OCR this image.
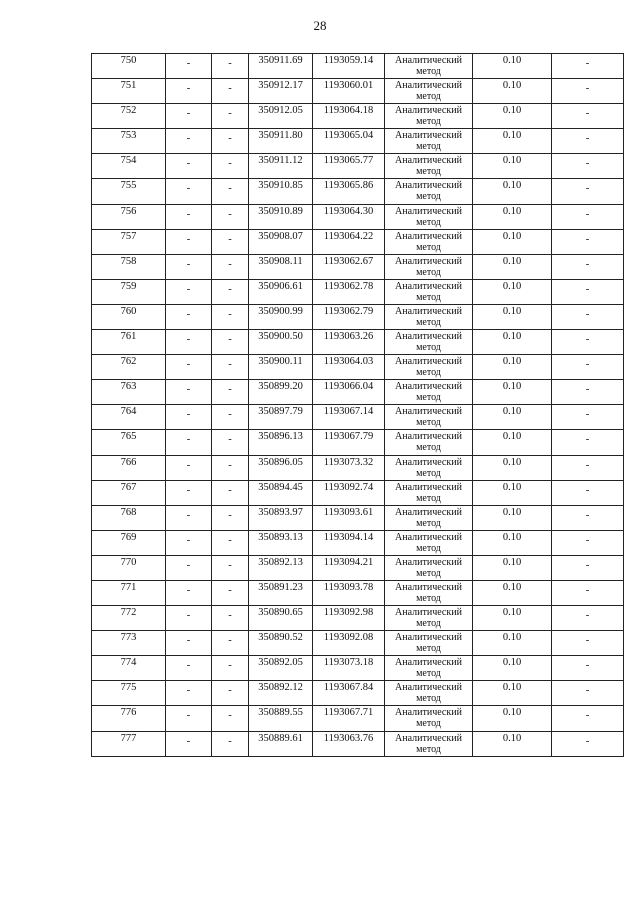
28
750	-	-	350911.69	1193059.14	Аналитический метод	0.10	-
751	-	-	350912.17	1193060.01	Аналитический метод	0.10	-
752	-	-	350912.05	1193064.18	Аналитический метод	0.10	-
753	-	-	350911.80	1193065.04	Аналитический метод	0.10	-
754	-	-	350911.12	1193065.77	Аналитический метод	0.10	-
755	-	-	350910.85	1193065.86	Аналитический метод	0.10	-
756	-	-	350910.89	1193064.30	Аналитический метод	0.10	-
757	-	-	350908.07	1193064.22	Аналитический метод	0.10	-
758	-	-	350908.11	1193062.67	Аналитический метод	0.10	-
759	-	-	350906.61	1193062.78	Аналитический метод	0.10	-
760	-	-	350900.99	1193062.79	Аналитический метод	0.10	-
761	-	-	350900.50	1193063.26	Аналитический метод	0.10	-
762	-	-	350900.11	1193064.03	Аналитический метод	0.10	-
763	-	-	350899.20	1193066.04	Аналитический метод	0.10	-
764	-	-	350897.79	1193067.14	Аналитический метод	0.10	-
765	-	-	350896.13	1193067.79	Аналитический метод	0.10	-
766	-	-	350896.05	1193073.32	Аналитический метод	0.10	-
767	-	-	350894.45	1193092.74	Аналитический метод	0.10	-
768	-	-	350893.97	1193093.61	Аналитический метод	0.10	-
769	-	-	350893.13	1193094.14	Аналитический метод	0.10	-
770	-	-	350892.13	1193094.21	Аналитический метод	0.10	-
771	-	-	350891.23	1193093.78	Аналитический метод	0.10	-
772	-	-	350890.65	1193092.98	Аналитический метод	0.10	-
773	-	-	350890.52	1193092.08	Аналитический метод	0.10	-
774	-	-	350892.05	1193073.18	Аналитический метод	0.10	-
775	-	-	350892.12	1193067.84	Аналитический метод	0.10	-
776	-	-	350889.55	1193067.71	Аналитический метод	0.10	-
777	-	-	350889.61	1193063.76	Аналитический метод	0.10	-
